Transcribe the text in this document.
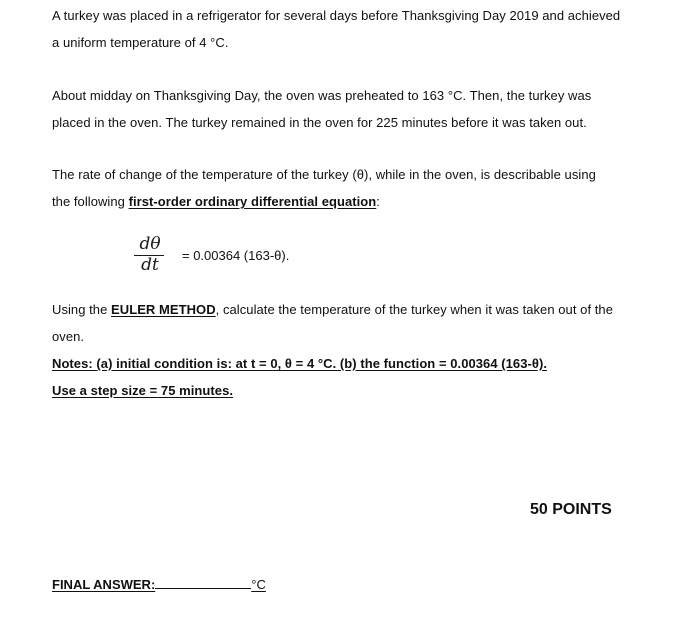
A turkey was placed in a refrigerator for several days before Thanksgiving Day 2019 and achieved
a uniform temperature of 4 °C.
About midday on Thanksgiving Day, the oven was preheated to 163 °C. Then, the turkey was
placed in the oven. The turkey remained in the oven for 225 minutes before it was taken out.
The rate of change of the temperature of the turkey (θ), while in the oven, is describable using
the following first-order ordinary differential equation:
dθ
dt	= 0.00364 (163-θ).
Using the EULER METHOD, calculate the temperature of the turkey when it was taken out of the
oven.
Notes: (a) initial condition is: at t = 0, θ = 4 °C. (b) the function = 0.00364 (163-θ).
Use a step size = 75 minutes.
50 POINTS
FINAL ANSWER:	°C
